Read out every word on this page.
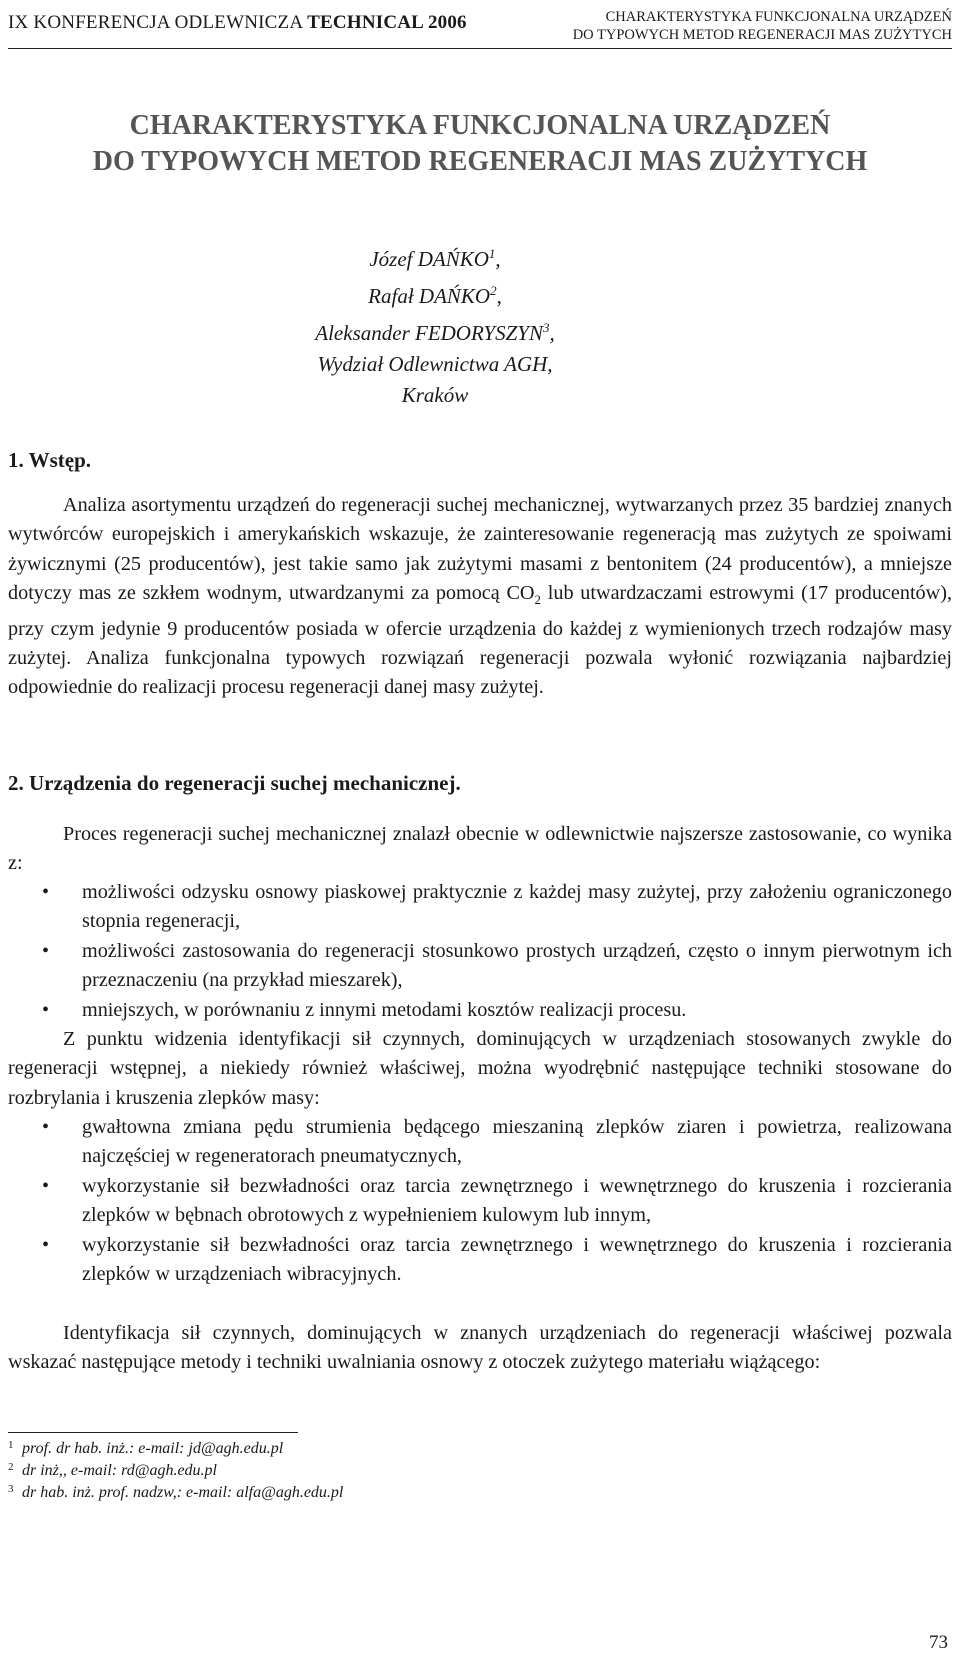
IX KONFERENCJA ODLEWNICZA TECHNICAL 2006	CHARAKTERYSTYKA FUNKCJONALNA URZĄDZEŃ
DO TYPOWYCH METOD REGENERACJI MAS ZUŻYTYCH
CHARAKTERYSTYKA FUNKCJONALNA URZĄDZEŃ
DO TYPOWYCH METOD REGENERACJI MAS ZUŻYTYCH
Józef DAŃKO$^1$,
Rafał DAŃKO$^2$,
Aleksander FEDORYSZYN$^3$,
Wydział Odlewnictwa AGH,
Kraków
1. Wstęp.

Analiza asortymentu urządzeń do regeneracji suchej mechanicznej, wytwarzanych przez 35 bardziej znanych wytwórców europejskich i amerykańskich wskazuje, że zainteresowanie regeneracją mas zużytych ze spoiwami żywicznymi (25 producentów), jest takie samo jak zużytymi masami z bentonitem (24 producentów), a mniejsze dotyczy mas ze szkłem wodnym, utwardzanymi za pomocą $CO_2$ lub utwardzaczami estrowymi (17 producentów), przy czym jedynie 9 producentów posiada w ofercie urządzenia do każdej z wymienionych trzech rodzajów masy zużytej. Analiza funkcjonalna typowych rozwiązań regeneracji pozwala wyłonić rozwiązania najbardziej odpowiednie do realizacji procesu regeneracji danej masy zużytej.

2. Urządzenia do regeneracji suchej mechanicznej.

Proces regeneracji suchej mechanicznej znalazł obecnie w odlewnictwie najszersze zastosowanie, co wynika z:

• możliwości odzysku osnowy piaskowej praktycznie z każdej masy zużytej, przy założeniu ograniczonego stopnia regeneracji,
• możliwości zastosowania do regeneracji stosunkowo prostych urządzeń, często o innym pierwotnym ich przeznaczeniu (na przykład mieszarek),
• mniejszych, w porównaniu z innymi metodami kosztów realizacji procesu.

Z punktu widzenia identyfikacji sił czynnych, dominujących w urządzeniach stosowanych zwykle do regeneracji wstępnej, a niekiedy również właściwej, można wyodrębnić następujące techniki stosowane do rozbrylania i kruszenia zlepków masy:

• gwałtowna zmiana pędu strumienia będącego mieszaniną zlepków ziaren i powietrza, realizowana najczęściej w regeneratorach pneumatycznych,
• wykorzystanie sił bezwładności oraz tarcia zewnętrznego i wewnętrznego do kruszenia i rozcierania zlepków w bębnach obrotowych z wypełnieniem kulowym lub innym,
• wykorzystanie sił bezwładności oraz tarcia zewnętrznego i wewnętrznego do kruszenia i rozcierania zlepków w urządzeniach wibracyjnych.

Identyfikacja sił czynnych, dominujących w znanych urządzeniach do regeneracji właściwej pozwala wskazać następujące metody i techniki uwalniania osnowy z otoczek zużytego materiału wiążącego:

1 prof. dr hab. inż.: e-mail: jd@agh.edu.pl
2 dr inż,, e-mail: rd@agh.edu.pl
3 dr hab. inż. prof. nadzw,: e-mail: alfa@agh.edu.pl
73
